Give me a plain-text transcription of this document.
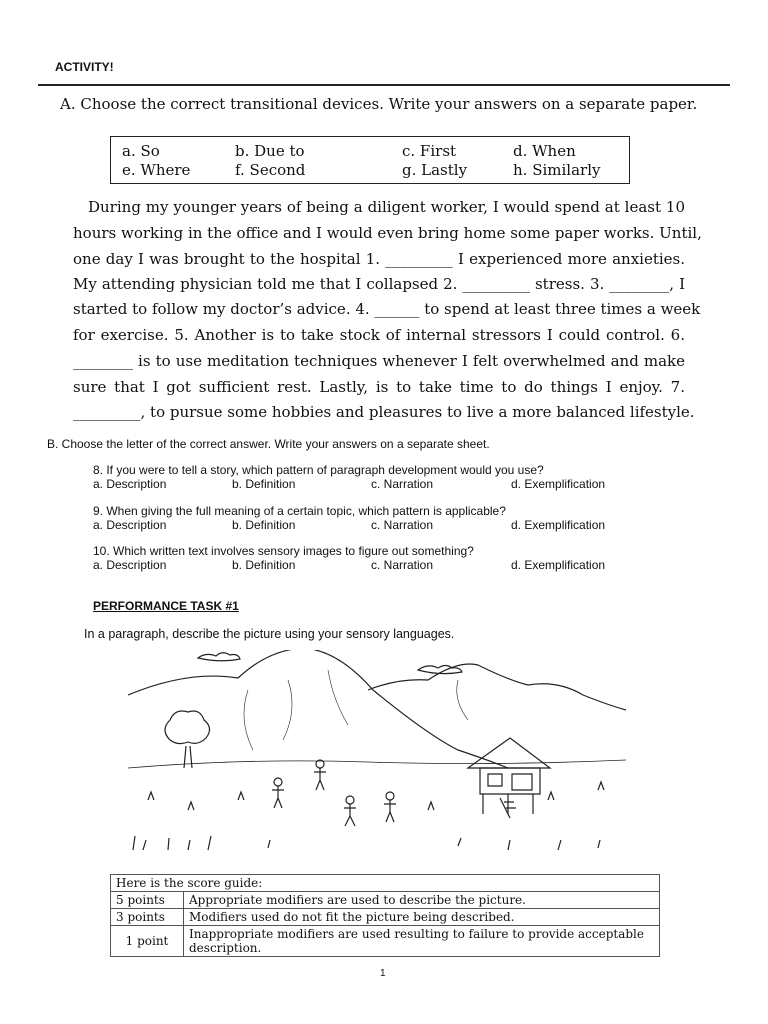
ACTIVITY!
A. Choose the correct transitional devices. Write your answers on a separate paper.
a. So	b. Due to	c. First	d. When
e. Where	f. Second	g. Lastly	h. Similarly
During my younger years of being a diligent worker, I would spend at least 10
hours working in the office and I would even bring home some paper works. Until,
one day I was brought to the hospital 1. _________ I experienced more anxieties.
My attending physician told me that I collapsed 2. _________ stress. 3. ________, I
started to follow my doctor’s advice. 4. ______ to spend at least three times a week
for exercise. 5. Another is to take stock of internal stressors I could control. 6.
________ is to use meditation techniques whenever I felt overwhelmed and make
sure that I got sufficient rest. Lastly, is to take time to do things I enjoy. 7.
_________, to pursue some hobbies and pleasures to live a more balanced lifestyle.
B. Choose the letter of the correct answer. Write your answers on a separate sheet.
8. If you were to tell a story, which pattern of paragraph development would you use?
a. Description	b. Definition	c. Narration	d. Exemplification
9. When giving the full meaning of a certain topic, which pattern is applicable?
a. Description	b. Definition	c. Narration	d. Exemplification
10. Which written text involves sensory images to figure out something?
a. Description	b. Definition	c. Narration	d. Exemplification
PERFORMANCE TASK #1
In a paragraph, describe the picture using your sensory languages.
Here is the score guide:	
5 points	Appropriate modifiers are used to describe the picture.
3 points	Modifiers used do not fit the picture being described.
1 point	Inappropriate modifiers are used resulting to failure to provide acceptable description.
1
